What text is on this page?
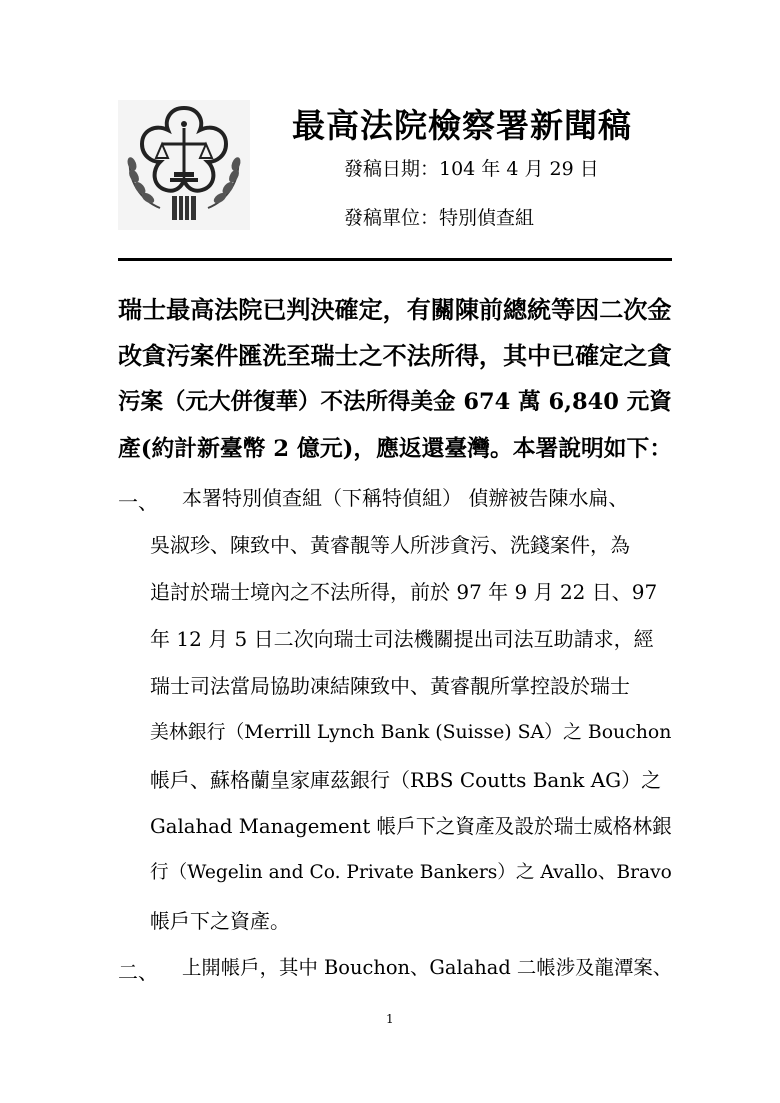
最高法院檢察署新聞稿
發稿日期：104 年 4 月 29 日
發稿單位：特別偵查組
瑞士最高法院已判決確定，有關陳前總統等因二次金
改貪污案件匯洗至瑞士之不法所得，其中已確定之貪
污案（元大併復華）不法所得美金 674 萬 6,840 元資
產(約計新臺幣 2 億元)，應返還臺灣。本署說明如下：
一、 本署特別偵查組（下稱特偵組） 偵辦被告陳水扁、
吳淑珍、陳致中、黃睿靚等人所涉貪污、洗錢案件，為
追討於瑞士境內之不法所得，前於 97 年 9 月 22 日、97
年 12 月 5 日二次向瑞士司法機關提出司法互助請求，經
瑞士司法當局協助凍結陳致中、黃睿靚所掌控設於瑞士
美林銀行（Merrill Lynch Bank (Suisse) SA）之 Bouchon
帳戶、蘇格蘭皇家庫茲銀行（RBS Coutts Bank AG）之
Galahad Management 帳戶下之資產及設於瑞士威格林銀
行（Wegelin and Co. Private Bankers）之 Avallo、Bravo
帳戶下之資產。
二、 上開帳戶，其中 Bouchon、Galahad 二帳涉及龍潭案、
1
